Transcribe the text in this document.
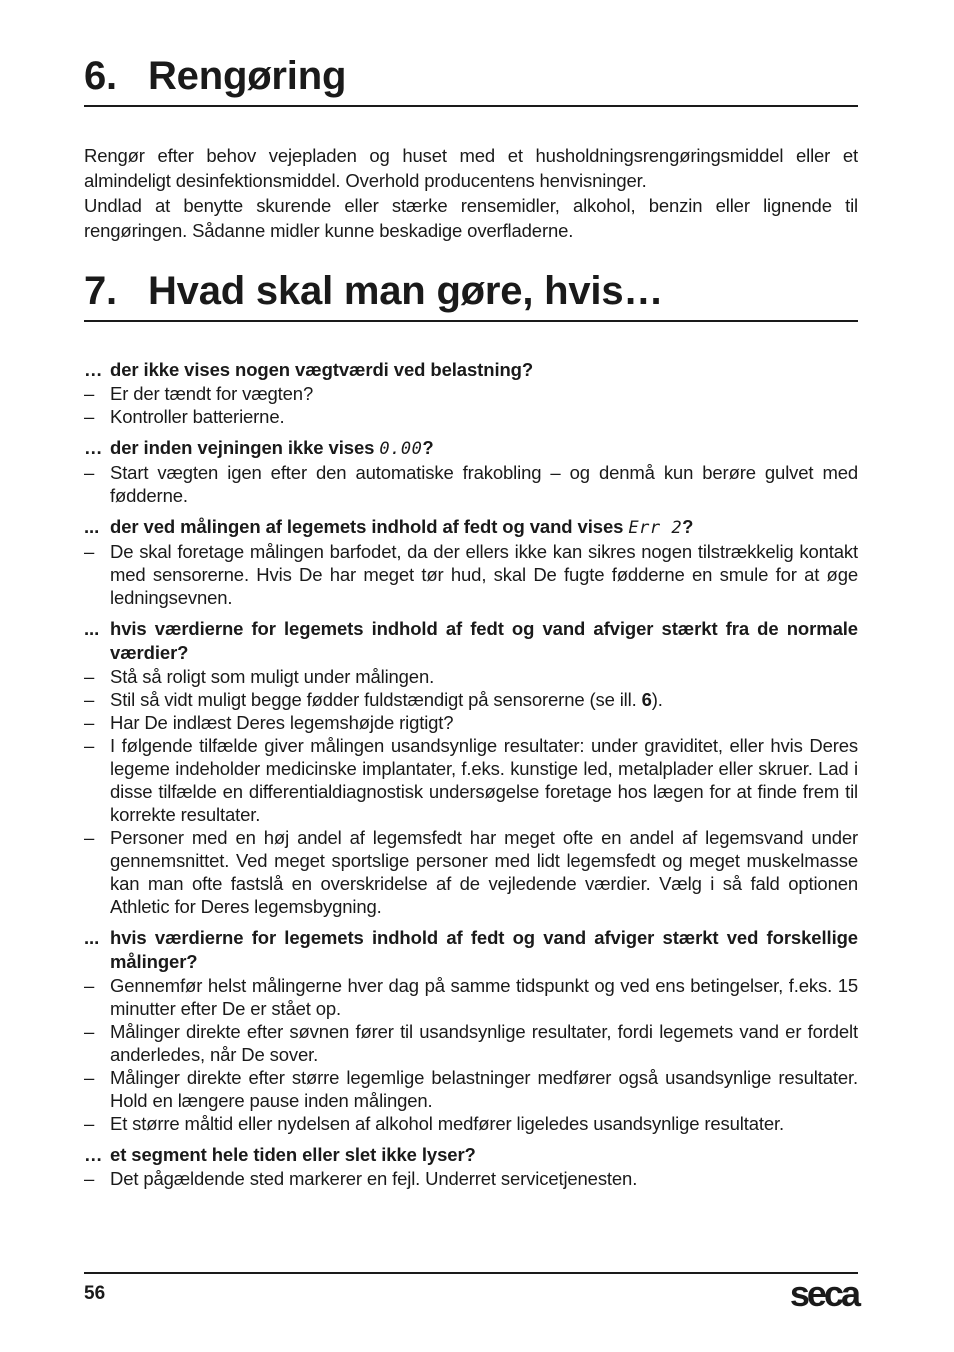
6. Rengøring

Rengør efter behov vejepladen og huset med et husholdningsrengøringsmiddel eller et almindeligt desinfektionsmiddel. Overhold producentens henvisninger.

Undlad at benytte skurende eller stærke rensemidler, alkohol, benzin eller lignende til rengøringen. Sådanne midler kunne beskadige overfladerne.

7. Hvad skal man gøre, hvis…

… der ikke vises nogen vægtværdi ved belastning?

– Er der tændt for vægten?
– Kontroller batterierne.

… der inden vejningen ikke vises 0.00?

– Start vægten igen efter den automatiske frakobling – og denmå kun berøre gulvet med fødderne.

... der ved målingen af legemets indhold af fedt og vand vises Err 2?

– De skal foretage målingen barfodet, da der ellers ikke kan sikres nogen tilstrækkelig kontakt med sensorerne. Hvis De har meget tør hud, skal De fugte fødderne en smule for at øge ledningsevnen.

... hvis værdierne for legemets indhold af fedt og vand afviger stærkt fra de normale værdier?

– Stå så roligt som muligt under målingen.
– Stil så vidt muligt begge fødder fuldstændigt på sensorerne (se ill. 6).
– Har De indlæst Deres legemshøjde rigtigt?
– I følgende tilfælde giver målingen usandsynlige resultater: under graviditet, eller hvis Deres legeme indeholder medicinske implantater, f.eks. kunstige led, metalplader eller skruer. Lad i disse tilfælde en differentialdiagnostisk undersøgelse foretage hos lægen for at finde frem til korrekte resultater.
– Personer med en høj andel af legemsfedt har meget ofte en andel af legemsvand under gennemsnittet. Ved meget sportslige personer med lidt legemsfedt og meget muskelmasse kan man ofte fastslå en overskridelse af de vejledende værdier. Vælg i så fald optionen Athletic for Deres legemsbygning.

... hvis værdierne for legemets indhold af fedt og vand afviger stærkt ved forskellige målinger?

– Gennemfør helst målingerne hver dag på samme tidspunkt og ved ens betingelser, f.eks. 15 minutter efter De er stået op.
– Målinger direkte efter søvnen fører til usandsynlige resultater, fordi legemets vand er fordelt anderledes, når De sover.
– Målinger direkte efter større legemlige belastninger medfører også usandsynlige resultater. Hold en længere pause inden målingen.
– Et større måltid eller nydelsen af alkohol medfører ligeledes usandsynlige resultater.

… et segment hele tiden eller slet ikke lyser?

– Det pågældende sted markerer en fejl. Underret servicetjenesten.
56	seca
